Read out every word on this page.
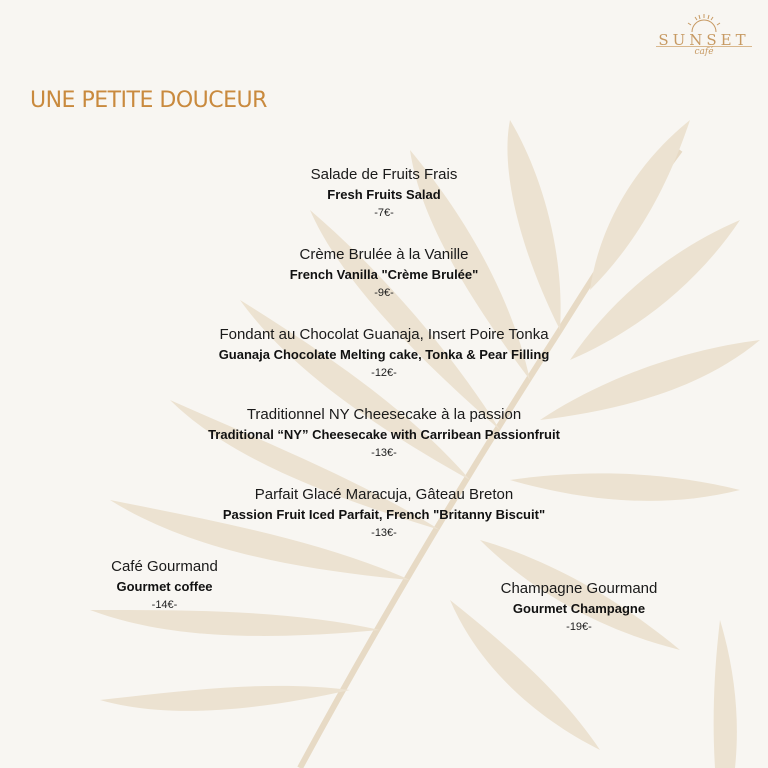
SUNSET
café
UNE PETITE DOUCEUR
Salade de Fruits Frais
Fresh Fruits Salad
-7€-
Crème Brulée à la Vanille
French Vanilla "Crème Brulée"
-9€-
Fondant au Chocolat Guanaja, Insert Poire Tonka
Guanaja Chocolate Melting cake, Tonka & Pear Filling
-12€-
Traditionnel NY Cheesecake à la passion
Traditional “NY” Cheesecake with Carribean Passionfruit
-13€-
Parfait Glacé Maracuja, Gâteau Breton
Passion Fruit Iced Parfait, French "Britanny Biscuit"
-13€-
Café Gourmand
Gourmet coffee
-14€-
Champagne Gourmand
Gourmet Champagne
-19€-
